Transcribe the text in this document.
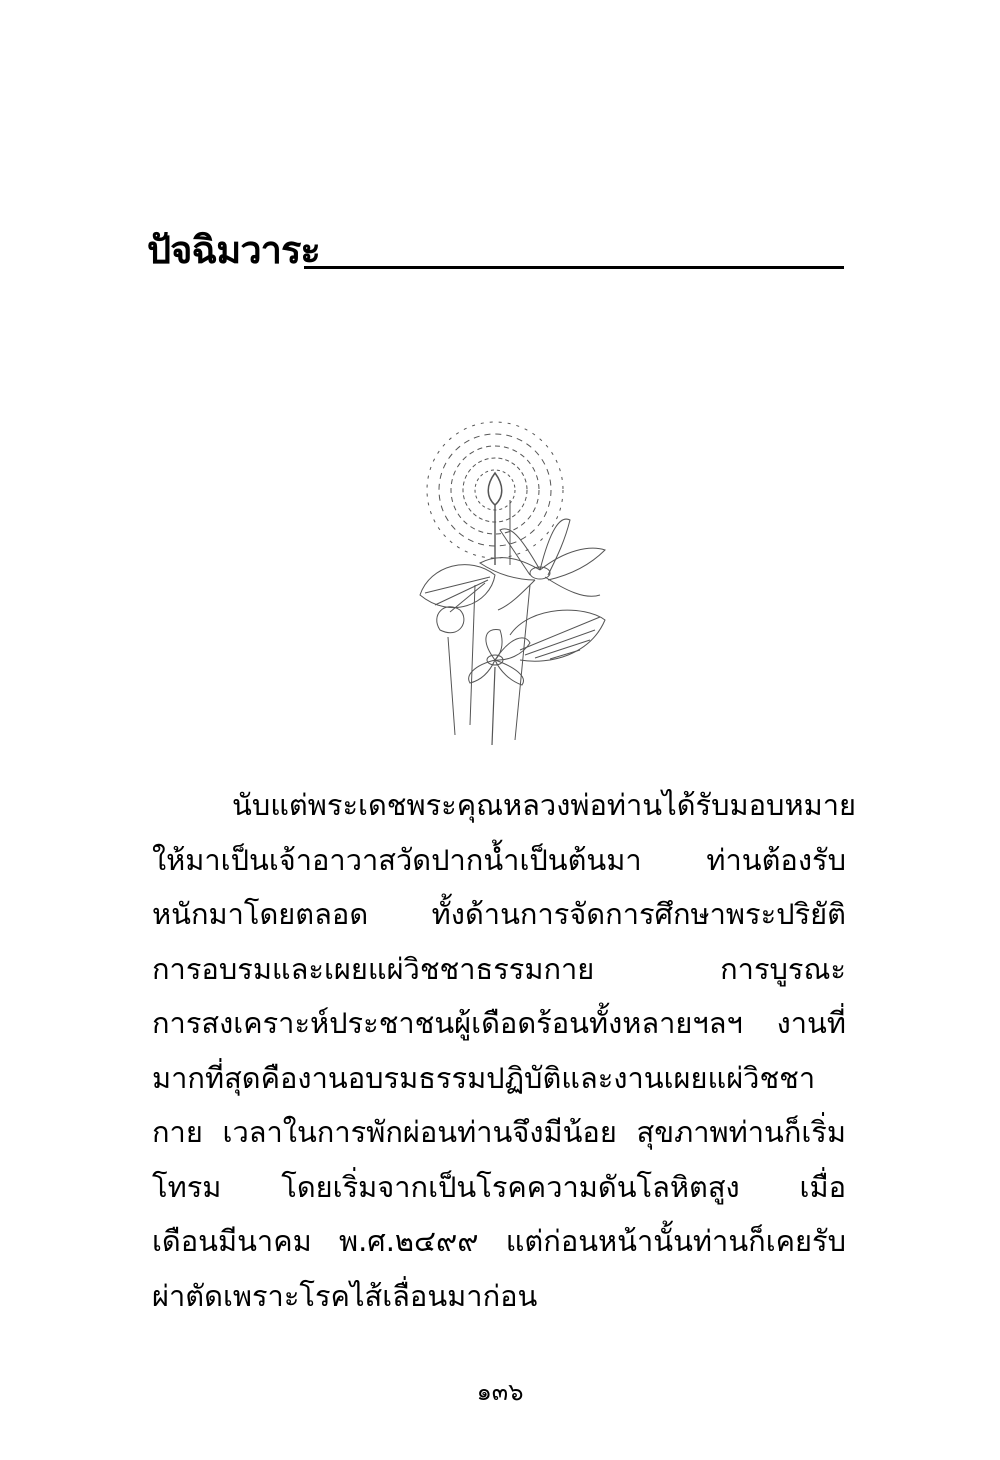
ปัจฉิมวาระ
นับแต่พระเดชพระคุณหลวงพ่อท่านได้รับมอบหมาย
ให้มาเป็นเจ้าอาวาสวัดปากน้ำเป็นต้นมา ท่านต้องรับ
หนักมาโดยตลอด ทั้งด้านการจัดการศึกษาพระปริยัติ
การอบรมและเผยแผ่วิชชาธรรมกาย การบูรณะ
การสงเคราะห์ประชาชนผู้เดือดร้อนทั้งหลายฯลฯ งานที่
มากที่สุดคืองานอบรมธรรมปฏิบัติและงานเผยแผ่วิชชา
กาย เวลาในการพักผ่อนท่านจึงมีน้อย สุขภาพท่านก็เริ่ม
โทรม โดยเริ่มจากเป็นโรคความดันโลหิตสูง เมื่อ
เดือนมีนาคม พ.ศ.๒๔๙๙ แต่ก่อนหน้านั้นท่านก็เคยรับ
ผ่าตัดเพราะโรคไส้เลื่อนมาก่อน
๑๓๖
